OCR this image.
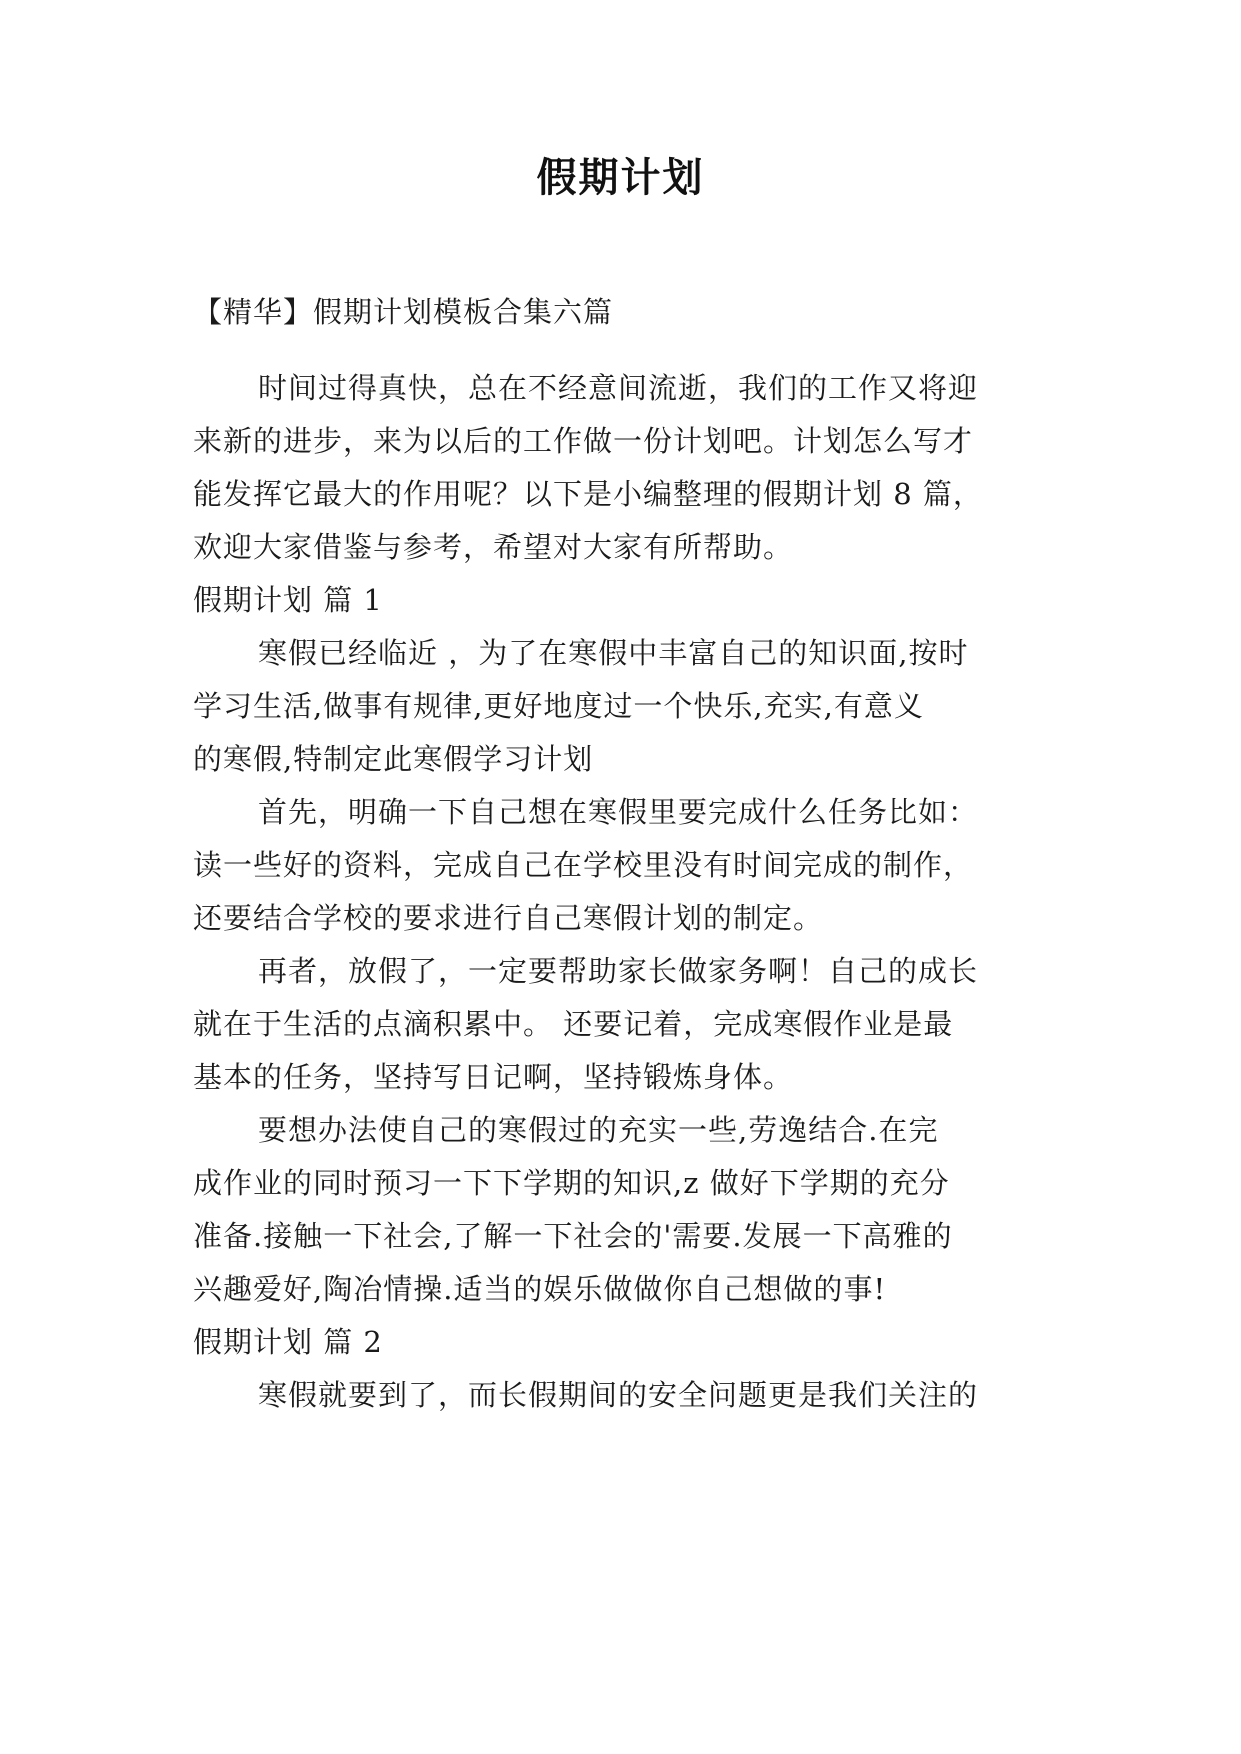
假期计划
【精华】假期计划模板合集六篇
时间过得真快，总在不经意间流逝，我们的工作又将迎
来新的进步，来为以后的工作做一份计划吧。计划怎么写才
能发挥它最大的作用呢？以下是小编整理的假期计划 8 篇，
欢迎大家借鉴与参考，希望对大家有所帮助。
假期计划 篇 1
寒假已经临近 ，为了在寒假中丰富自己的知识面,按时
学习生活,做事有规律,更好地度过一个快乐,充实,有意义
的寒假,特制定此寒假学习计划
首先，明确一下自己想在寒假里要完成什么任务比如：
读一些好的资料，完成自己在学校里没有时间完成的制作，
还要结合学校的要求进行自己寒假计划的制定。
再者，放假了，一定要帮助家长做家务啊！自己的成长
就在于生活的点滴积累中。 还要记着，完成寒假作业是最
基本的任务，坚持写日记啊，坚持锻炼身体。
要想办法使自己的寒假过的充实一些,劳逸结合.在完
成作业的同时预习一下下学期的知识,z 做好下学期的充分
准备.接触一下社会,了解一下社会的'需要.发展一下高雅的
兴趣爱好,陶冶情操.适当的娱乐做做你自己想做的事!
假期计划 篇 2
寒假就要到了，而长假期间的安全问题更是我们关注的
